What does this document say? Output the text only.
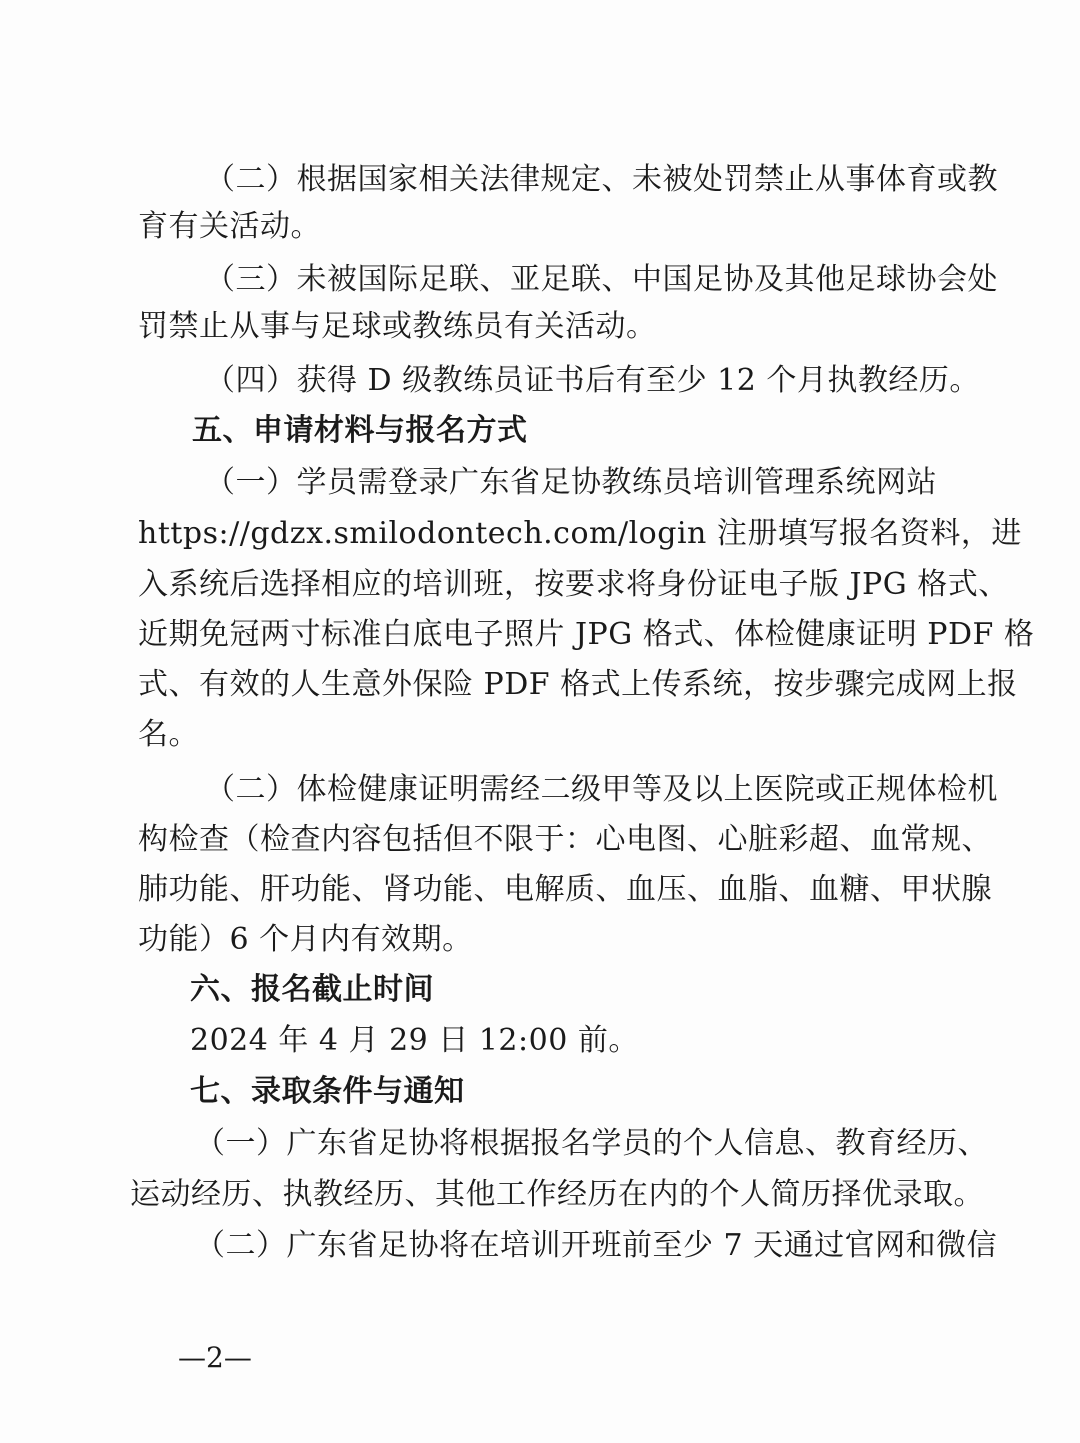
（二）根据国家相关法律规定、未被处罚禁止从事体育或教
育有关活动。
（三）未被国际足联、亚足联、中国足协及其他足球协会处
罚禁止从事与足球或教练员有关活动。
（四）获得 D 级教练员证书后有至少 12 个月执教经历。
五、申请材料与报名方式
（一）学员需登录广东省足协教练员培训管理系统网站
https://gdzx.smilodontech.com/login 注册填写报名资料，进
入系统后选择相应的培训班，按要求将身份证电子版 JPG 格式、
近期免冠两寸标准白底电子照片 JPG 格式、体检健康证明 PDF 格
式、有效的人生意外保险 PDF 格式上传系统，按步骤完成网上报
名。
（二）体检健康证明需经二级甲等及以上医院或正规体检机
构检查（检查内容包括但不限于：心电图、心脏彩超、血常规、
肺功能、肝功能、肾功能、电解质、血压、血脂、血糖、甲状腺
功能）6 个月内有效期。
六、报名截止时间
2024 年 4 月 29 日 12:00 前。
七、录取条件与通知
（一）广东省足协将根据报名学员的个人信息、教育经历、
运动经历、执教经历、其他工作经历在内的个人简历择优录取。
（二）广东省足协将在培训开班前至少 7 天通过官网和微信
—2—
